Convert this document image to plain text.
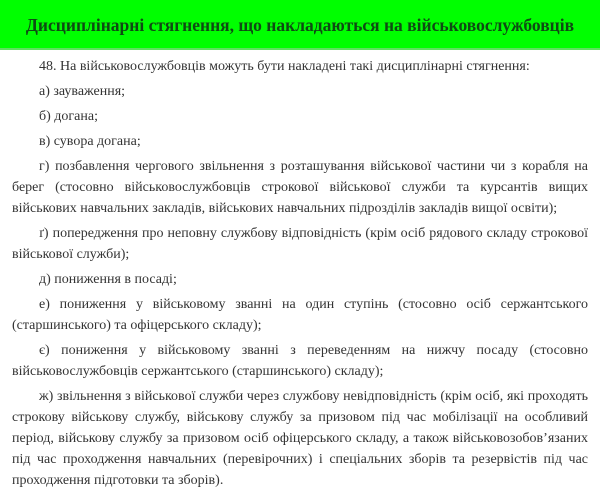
Дисциплінарні стягнення, що накладаються на військовослужбовців

48. На військовослужбовців можуть бути накладені такі дисциплінарні стягнення:

а) зауваження;

б) догана;

в) сувора догана;

г) позбавлення чергового звільнення з розташування військової частини чи з корабля на берег (стосовно військовослужбовців строкової військової служби та курсантів вищих військових навчальних закладів, військових навчальних підрозділів закладів вищої освіти);

ґ) попередження про неповну службову відповідність (крім осіб рядового складу строкової військової служби);

д) пониження в посаді;

е) пониження у військовому званні на один ступінь (стосовно осіб сержантського (старшинського) та офіцерського складу);

є) пониження у військовому званні з переведенням на нижчу посаду (стосовно військовослужбовців сержантського (старшинського) складу);

ж) звільнення з військової служби через службову невідповідність (крім осіб, які проходять строкову військову службу, військову службу за призовом під час мобілізації на особливий період, військову службу за призовом осіб офіцерського складу, а також військовозобов’язаних під час проходження навчальних (перевірочних) і спеціальних зборів та резервістів під час проходження підготовки та зборів).
